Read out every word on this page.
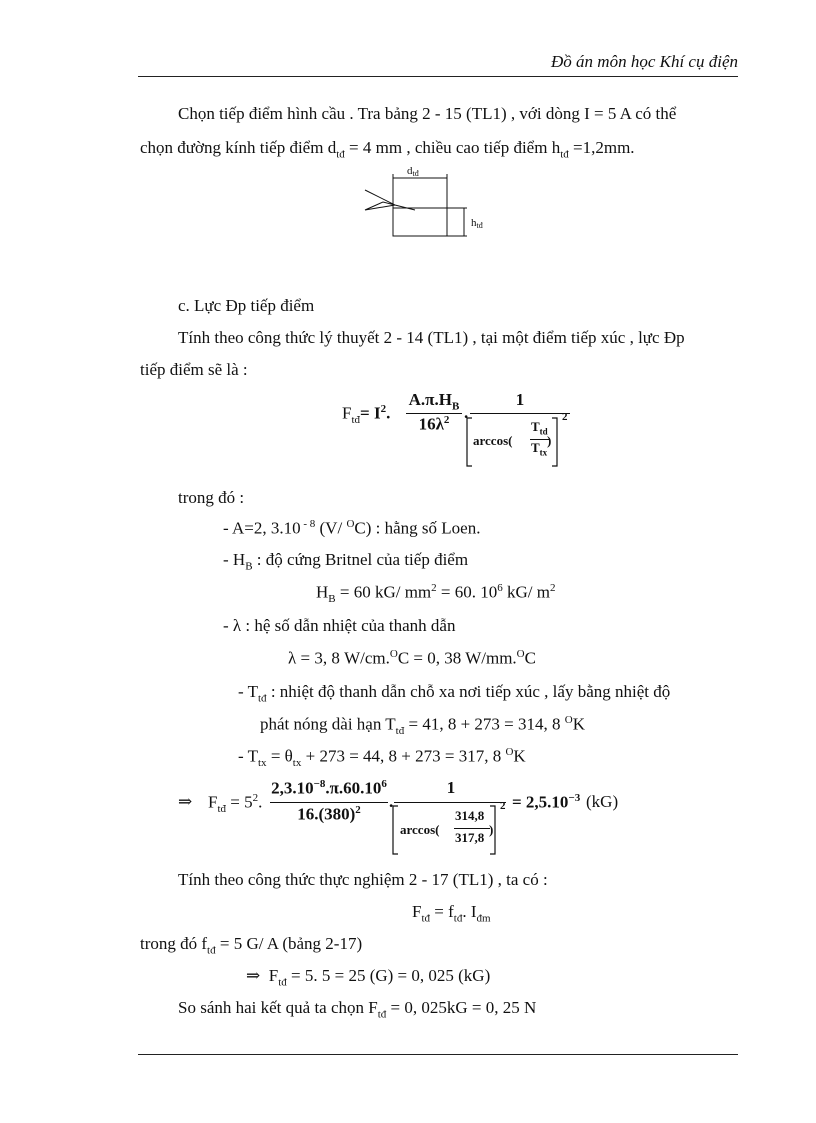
Đồ án môn học Khí cụ điện
Chọn tiếp điểm hình cầu . Tra bảng 2 - 15 (TL1) , với dòng I = 5 A có thể
chọn đường kính tiếp điểm $d_{tđ} = 4$ mm , chiều cao tiếp điểm $h_{tđ} =1,2mm$.
dtđ
htđ
c. Lực Đp tiếp điểm
Tính theo công thức lý thuyết 2 - 14 (TL1) , tại một điểm tiếp xúc , lực Đp
tiếp điểm sẽ là :
$F_{tđ}= I^2$.
$A.\pi.H_B$
$16\lambda^2$ .
1
arccos(
$T_{td}$
$T_{tx}$
)
2
trong đó :
- A=2, 3.10 $^{- 8}$ (V/ $^O$C) : hằng số Loen.
- $H_B$ : độ cứng Britnel của tiếp điểm
$H_B = 60$ kG/ $mm^2 = 60$. $10^6$ kG/ $m^2$
- λ : hệ số dẫn nhiệt của thanh dẫn
λ = 3, 8 W/cm.$^O$C = 0, 38 W/mm.$^O$C
- $T_{tđ}$ : nhiệt độ thanh dẫn chỗ xa nơi tiếp xúc , lấy bằng nhiệt độ
phát nóng dài hạn $T_{tđ} = 41$, 8 + 273 = 314, 8 $^O$K
- $T_{tx} = \theta_{tx} + 273 = 44$, 8 + 273 = 317, 8 $^O$K
⇒ $F_{tđ} = 5^2$.
$2,3.10^{-8}.\pi.60.10^6$
$16.(380)^2$	.
1
arccos(
314,8
317,8
)
$2 = 2,5.10^{-3}$ (kG)
Tính theo công thức thực nghiệm 2 - 17 (TL1) , ta có :
$F_{tđ} = f_{tđ}$. $I_{đm}$
trong đó $f_{tđ} = 5$ G/ A (bảng 2-17)
⇒ $F_{tđ} = 5$. 5 = 25 (G) = 0, 025 (kG)
So sánh hai kết quả ta chọn $F_{tđ} = 0$, 025kG = 0, 25 N
